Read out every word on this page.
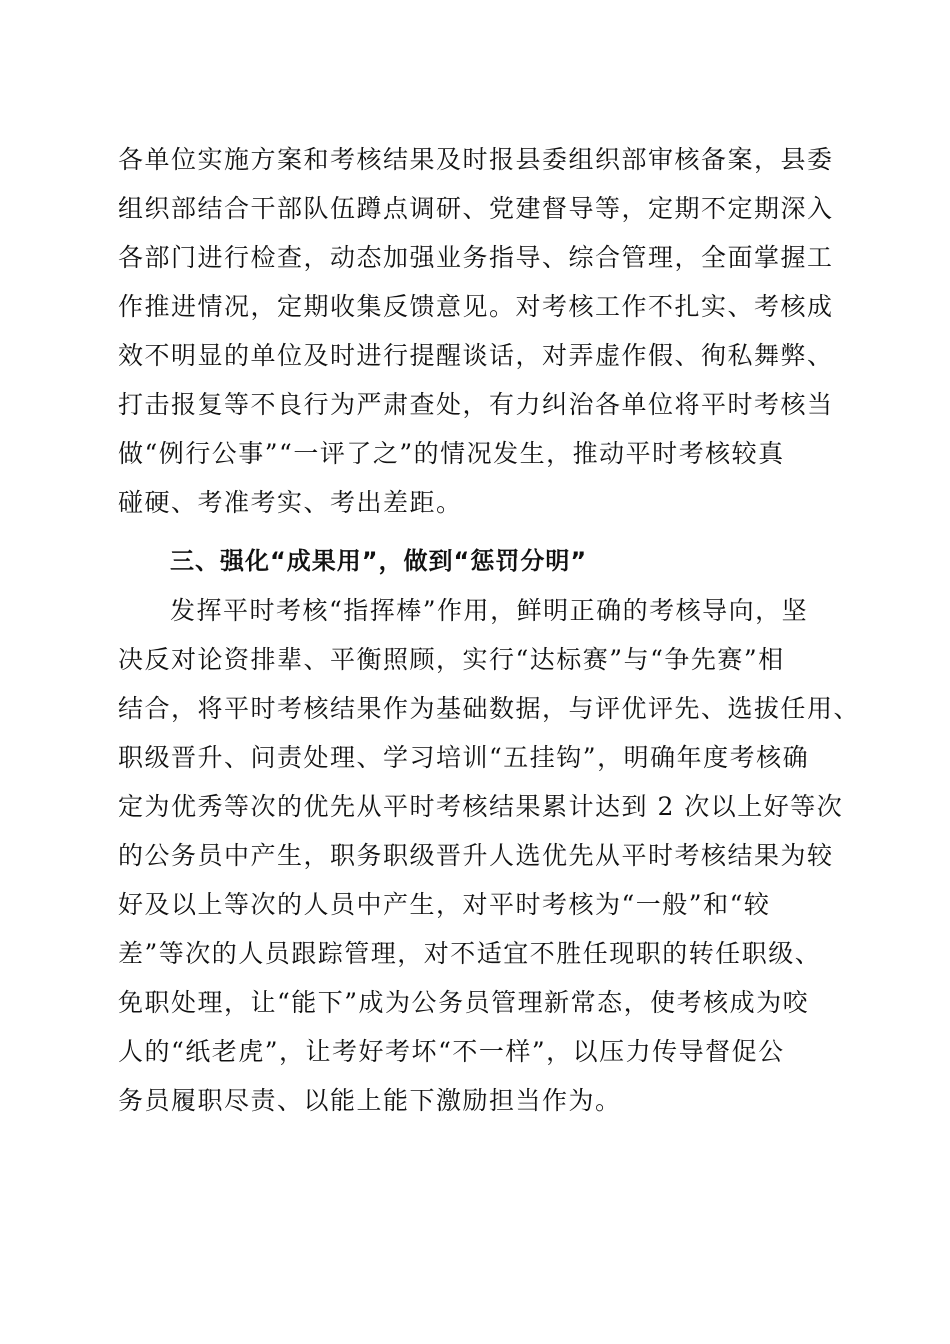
各单位实施方案和考核结果及时报县委组织部审核备案，县委
组织部结合干部队伍蹲点调研、党建督导等，定期不定期深入
各部门进行检查，动态加强业务指导、综合管理，全面掌握工
作推进情况，定期收集反馈意见。对考核工作不扎实、考核成
效不明显的单位及时进行提醒谈话，对弄虚作假、徇私舞弊、
打击报复等不良行为严肃查处，有力纠治各单位将平时考核当
做“例行公事”“一评了之”的情况发生，推动平时考核较真
碰硬、考准考实、考出差距。
三、强化“成果用”，做到“惩罚分明”
发挥平时考核“指挥棒”作用，鲜明正确的考核导向，坚
决反对论资排辈、平衡照顾，实行“达标赛”与“争先赛”相
结合，将平时考核结果作为基础数据，与评优评先、选拔任用、
职级晋升、问责处理、学习培训“五挂钩”，明确年度考核确
定为优秀等次的优先从平时考核结果累计达到 2 次以上好等次
的公务员中产生，职务职级晋升人选优先从平时考核结果为较
好及以上等次的人员中产生，对平时考核为“一般”和“较
差”等次的人员跟踪管理，对不适宜不胜任现职的转任职级、
免职处理，让“能下”成为公务员管理新常态，使考核成为咬
人的“纸老虎”，让考好考坏“不一样”，以压力传导督促公
务员履职尽责、以能上能下激励担当作为。
